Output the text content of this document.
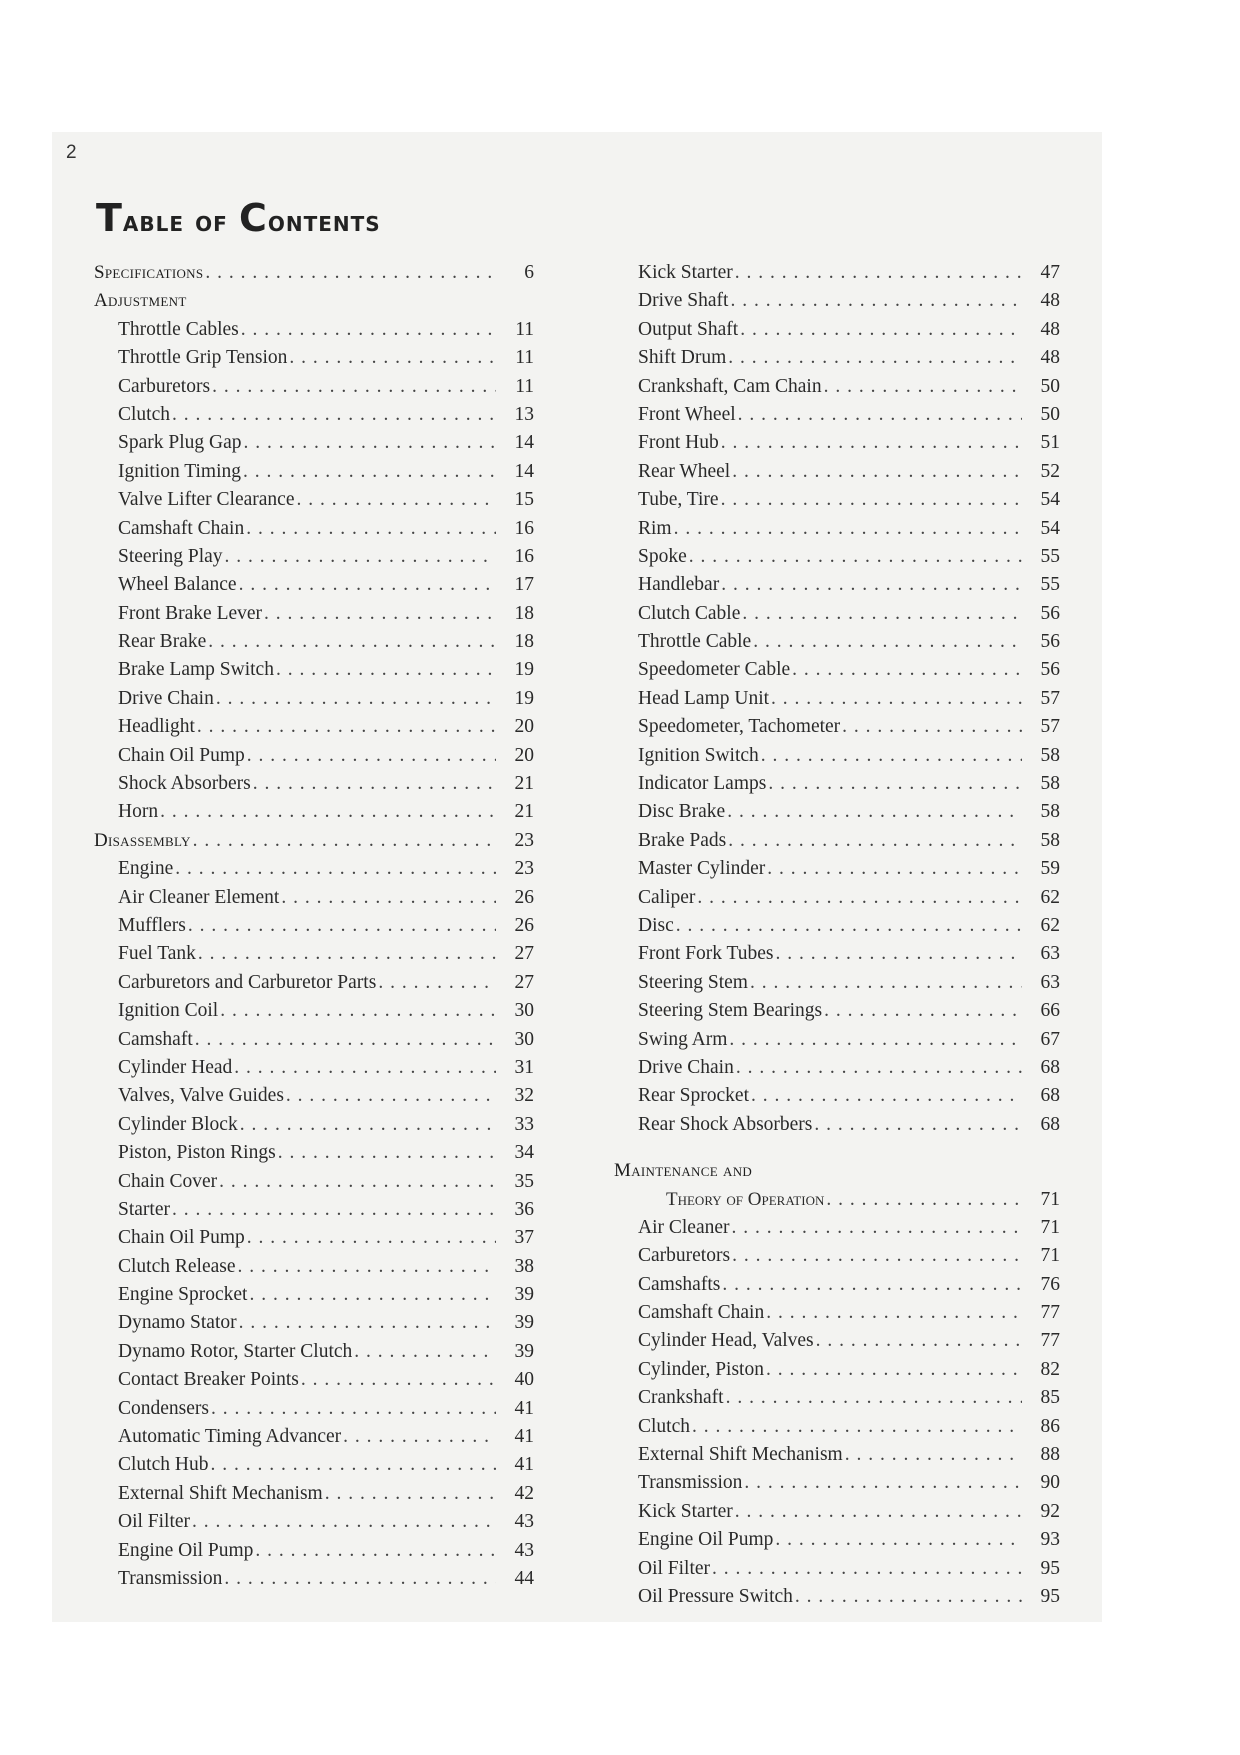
2
Table of Contents
Specifications . . .	6
Adjustment
Throttle Cables . . .	11
Throttle Grip Tension . . .	11
Carburetors . . .	11
Clutch . . .	13
Spark Plug Gap . . .	14
Ignition Timing . . .	14
Valve Lifter Clearance . . .	15
Camshaft Chain . . .	16
Steering Play . . .	16
Wheel Balance . . .	17
Front Brake Lever . . .	18
Rear Brake . . .	18
Brake Lamp Switch . . .	19
Drive Chain . . .	19
Headlight . . .	20
Chain Oil Pump . . .	20
Shock Absorbers . . .	21
Horn . . .	21
Disassembly . . .	23
Engine . . .	23
Air Cleaner Element . . .	26
Mufflers . . .	26
Fuel Tank . . .	27
Carburetors and Carburetor Parts . . .	27
Ignition Coil . . .	30
Camshaft . . .	30
Cylinder Head . . .	31
Valves, Valve Guides . . .	32
Cylinder Block . . .	33
Piston, Piston Rings . . .	34
Chain Cover . . .	35
Starter . . .	36
Chain Oil Pump . . .	37
Clutch Release . . .	38
Engine Sprocket . . .	39
Dynamo Stator . . .	39
Dynamo Rotor, Starter Clutch . . .	39
Contact Breaker Points . . .	40
Condensers . . .	41
Automatic Timing Advancer . . .	41
Clutch Hub . . .	41
External Shift Mechanism . . .	42
Oil Filter . . .	43
Engine Oil Pump . . .	43
Transmission . . .	44
Kick Starter . . .	47
Drive Shaft . . .	48
Output Shaft . . .	48
Shift Drum . . .	48
Crankshaft, Cam Chain . . .	50
Front Wheel . . .	50
Front Hub . . .	51
Rear Wheel . . .	52
Tube, Tire . . .	54
Rim . . .	54
Spoke . . .	55
Handlebar . . .	55
Clutch Cable . . .	56
Throttle Cable . . .	56
Speedometer Cable . . .	56
Head Lamp Unit . . .	57
Speedometer, Tachometer . . .	57
Ignition Switch . . .	58
Indicator Lamps . . .	58
Disc Brake . . .	58
Brake Pads . . .	58
Master Cylinder . . .	59
Caliper . . .	62
Disc . . .	62
Front Fork Tubes . . .	63
Steering Stem . . .	63
Steering Stem Bearings . . .	66
Swing Arm . . .	67
Drive Chain . . .	68
Rear Sprocket . . .	68
Rear Shock Absorbers . . .	68
Maintenance and
Theory of Operation . . .	71
Air Cleaner . . .	71
Carburetors . . .	71
Camshafts . . .	76
Camshaft Chain . . .	77
Cylinder Head, Valves . . .	77
Cylinder, Piston . . .	82
Crankshaft . . .	85
Clutch . . .	86
External Shift Mechanism . . .	88
Transmission . . .	90
Kick Starter . . .	92
Engine Oil Pump . . .	93
Oil Filter . . .	95
Oil Pressure Switch . . .	95
